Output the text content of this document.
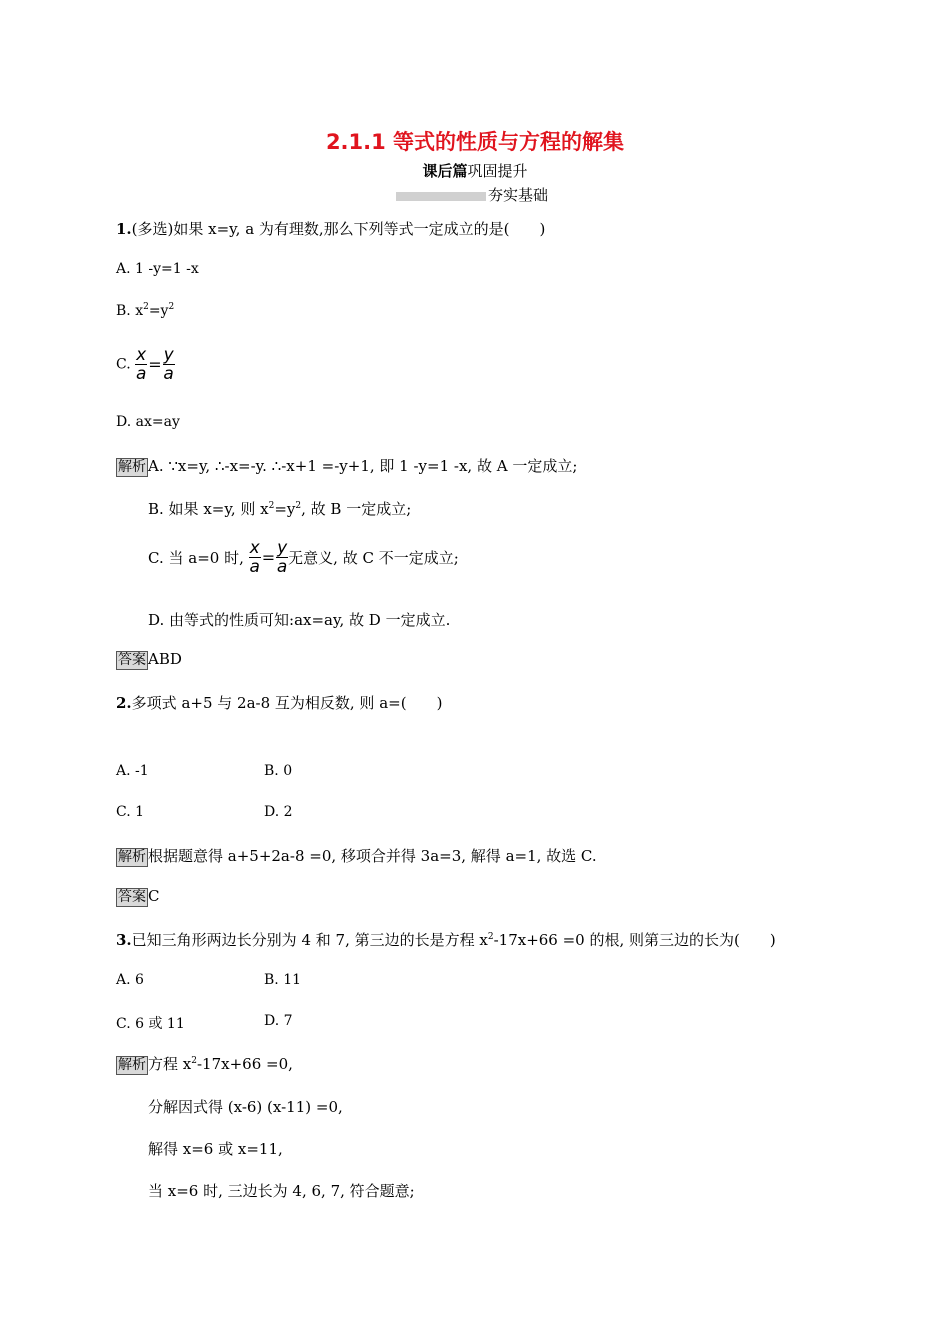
2.1.1 等式的性质与方程的解集
课后篇巩固提升
夯实基础
1.(多选)如果 x=y, a 为有理数,那么下列等式一定成立的是(　　)
A. 1 -y=1 -x
B. $x^2=y^2$
C. $\frac{x}{a} = \frac{y}{a}$
D. ax=ay
解析 A. ∵x=y, ∴-x=-y. ∴-x+1 =-y+1, 即 1 -y=1 -x, 故 A 一定成立;
B. 如果 x=y, 则 $x^2=y^2$, 故 B 一定成立;
C. 当 a=0 时, $\frac{x}{a} = \frac{y}{a}$ 无意义, 故 C 不一定成立;
D. 由等式的性质可知:ax=ay, 故 D 一定成立.
答案 ABD
2.多项式 a+5 与 2a-8 互为相反数, 则 a=(　　)
A. -1	B. 0
C. 1	D. 2
解析 根据题意得 a+5+2a-8 =0, 移项合并得 3a=3, 解得 a=1, 故选 C.
答案 C
3.已知三角形两边长分别为 4 和 7, 第三边的长是方程 $x^2-17x+66 =0$ 的根, 则第三边的长为(　　)
A. 6	B. 11
C. 6 或 11	D. 7
解析 方程 $x^2-17x+66 =0$,
分解因式得 (x-6) (x-11) =0,
解得 x=6 或 x=11,
当 x=6 时, 三边长为 4, 6, 7, 符合题意;
